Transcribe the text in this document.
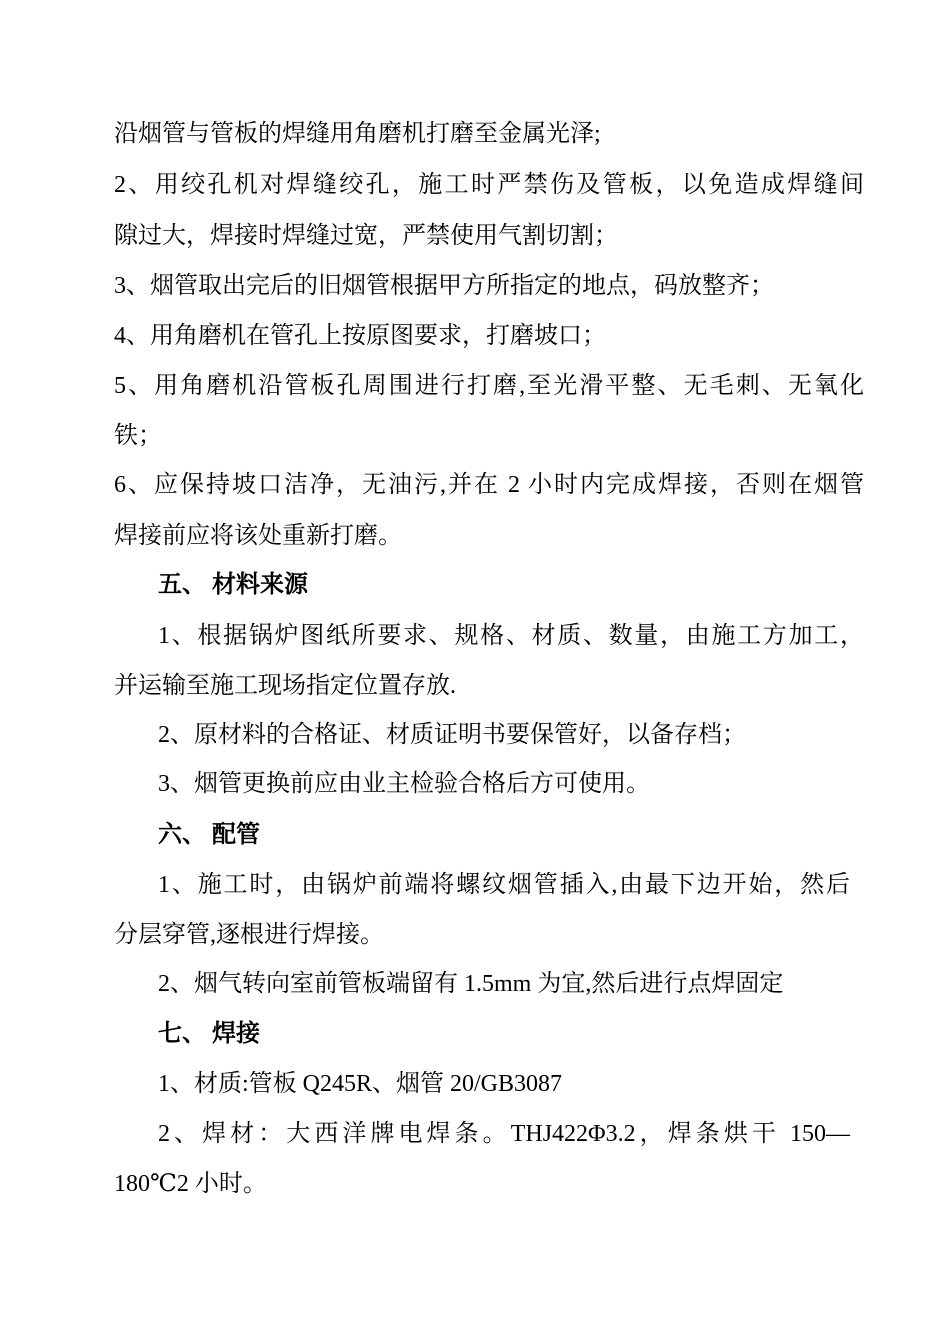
沿烟管与管板的焊缝用角磨机打磨至金属光泽;
2、用绞孔机对焊缝绞孔，施工时严禁伤及管板，以免造成焊缝间
隙过大，焊接时焊缝过宽，严禁使用气割切割；
3、烟管取出完后的旧烟管根据甲方所指定的地点，码放整齐；
4、用角磨机在管孔上按原图要求，打磨坡口；
5、用角磨机沿管板孔周围进行打磨,至光滑平整、无毛刺、无氧化
铁；
6、应保持坡口洁净，无油污,并在 2 小时内完成焊接，否则在烟管
焊接前应将该处重新打磨。
五、 材料来源
1、根据锅炉图纸所要求、规格、材质、数量，由施工方加工，
并运输至施工现场指定位置存放.
2、原材料的合格证、材质证明书要保管好，以备存档；
3、烟管更换前应由业主检验合格后方可使用。
六、 配管
1、施工时，由锅炉前端将螺纹烟管插入,由最下边开始，然后
分层穿管,逐根进行焊接。
2、烟气转向室前管板端留有 1.5mm 为宜,然后进行点焊固定
七、 焊接
1、材质:管板 Q245R、烟管 20/GB3087
2、焊材：大西洋牌电焊条。THJ422Φ3.2，焊条烘干 150—
180℃2 小时。
